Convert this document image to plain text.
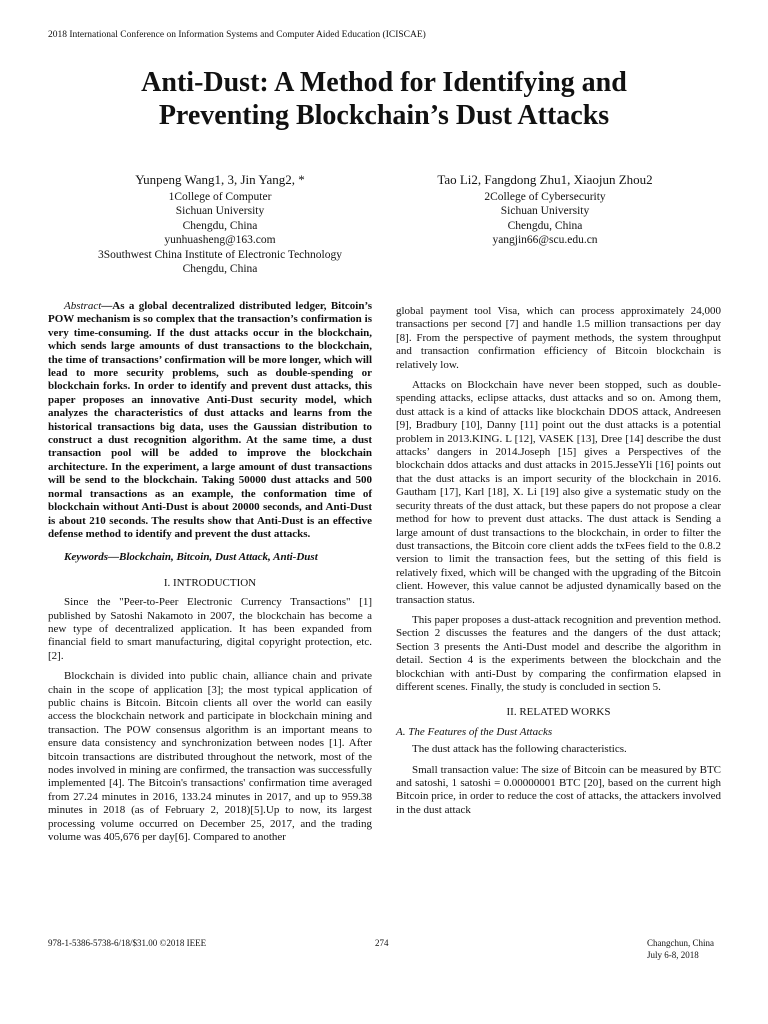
2018 International Conference on Information Systems and Computer Aided Education (ICISCAE)
Anti-Dust: A Method for Identifying and
Preventing Blockchain’s Dust Attacks
Yunpeng Wang1, 3, Jin Yang2, *
1College of Computer
Sichuan University
Chengdu, China
yunhuasheng@163.com
3Southwest China Institute of Electronic Technology
Chengdu, China
Tao Li2, Fangdong Zhu1, Xiaojun Zhou2
2College of Cybersecurity
Sichuan University
Chengdu, China
yangjin66@scu.edu.cn

Abstract—As a global decentralized distributed ledger, Bitcoin’s POW mechanism is so complex that the transaction’s confirmation is very time-consuming. If the dust attacks occur in the blockchain, which sends large amounts of dust transactions to the blockchain, the time of transactions’ confirmation will be more longer, which will lead to more security problems, such as double-spending or blockchain forks. In order to identify and prevent dust attacks, this paper proposes an innovative Anti-Dust security model, which analyzes the characteristics of dust attacks and learns from the historical transactions big data, uses the Gaussian distribution to construct a dust recognition algorithm. At the same time, a dust transaction pool will be added to improve the blockchain architecture. In the experiment, a large amount of dust transactions will be send to the blockchain. Taking 50000 dust attacks and 500 normal transactions as an example, the conformation time of blockchain without Anti-Dust is about 20000 seconds, and Anti-Dust is about 210 seconds. The results show that Anti-Dust is an effective defense method to identify and prevent the dust attacks.

Keywords—Blockchain, Bitcoin, Dust Attack, Anti-Dust

I. INTRODUCTION

Since the "Peer-to-Peer Electronic Currency Transactions" [1] published by Satoshi Nakamoto in 2007, the blockchain has become a new type of decentralized application. It has been expanded from financial field to smart manufacturing, digital copyright protection, etc. [2].

Blockchain is divided into public chain, alliance chain and private chain in the scope of application [3]; the most typical application of public chains is Bitcoin. Bitcoin clients all over the world can easily access the blockchain network and participate in blockchain mining and transaction. The POW consensus algorithm is an important means to ensure data consistency and synchronization between nodes [1]. After bitcoin transactions are distributed throughout the network, most of the nodes involved in mining are confirmed, the transaction was successfully implemented [4]. The Bitcoin's transactions' confirmation time averaged from 27.24 minutes in 2016, 133.24 minutes in 2017, and up to 959.38 minutes in 2018 (as of February 2, 2018)[5].Up to now, its largest processing volume occurred on December 25, 2017, and the trading volume was 405,676 per day[6]. Compared to another

global payment tool Visa, which can process approximately 24,000 transactions per second [7] and handle 1.5 million transactions per day [8]. From the perspective of payment methods, the system throughput and transaction confirmation efficiency of Bitcoin blockchain is relatively low.

Attacks on Blockchain have never been stopped, such as double-spending attacks, eclipse attacks, dust attacks and so on. Among them, dust attack is a kind of attacks like blockchain DDOS attack, Andreesen [9], Bradbury [10], Danny [11] point out the dust attacks is a potential problem in 2013.KING. L [12], VASEK [13], Dree [14] describe the dust attacks’ dangers in 2014.Joseph [15] gives a Perspectives of the blockchain ddos attacks and dust attacks in 2015.JesseYli [16] points out that the dust attacks is an import security of the blockchain in 2016. Gautham [17], Karl [18], X. Li [19] also give a systematic study on the security threats of the dust attack, but these papers do not propose a clear method for how to prevent dust attacks. The dust attack is Sending a large amount of dust transactions to the blockchain, in order to filter the dust transactions, the Bitcoin core client adds the txFees field to the 0.8.2 version to limit the transaction fees, but the setting of this field is relatively fixed, which will be changed with the upgrading of the Bitcoin client. However, this value cannot be adjusted dynamically based on the transaction status.

This paper proposes a dust-attack recognition and prevention method. Section 2 discusses the features and the dangers of the dust attack; Section 3 presents the Anti-Dust model and describe the algorithm in detail. Section 4 is the experiments between the blockchain and the blockchian with anti-Dust by comparing the confirmation elapsed in different scenes. Finally, the study is concluded in section 5.

II. RELATED WORKS
A. The Features of the Dust Attacks

The dust attack has the following characteristics.

Small transaction value: The size of Bitcoin can be measured by BTC and satoshi, 1 satoshi = 0.00000001 BTC [20], based on the current high Bitcoin price, in order to reduce the cost of attacks, the attackers involved in the dust attack

978-1-5386-5738-6/18/$31.00 ©2018 IEEE	274	Changchun, China
July 6-8, 2018
